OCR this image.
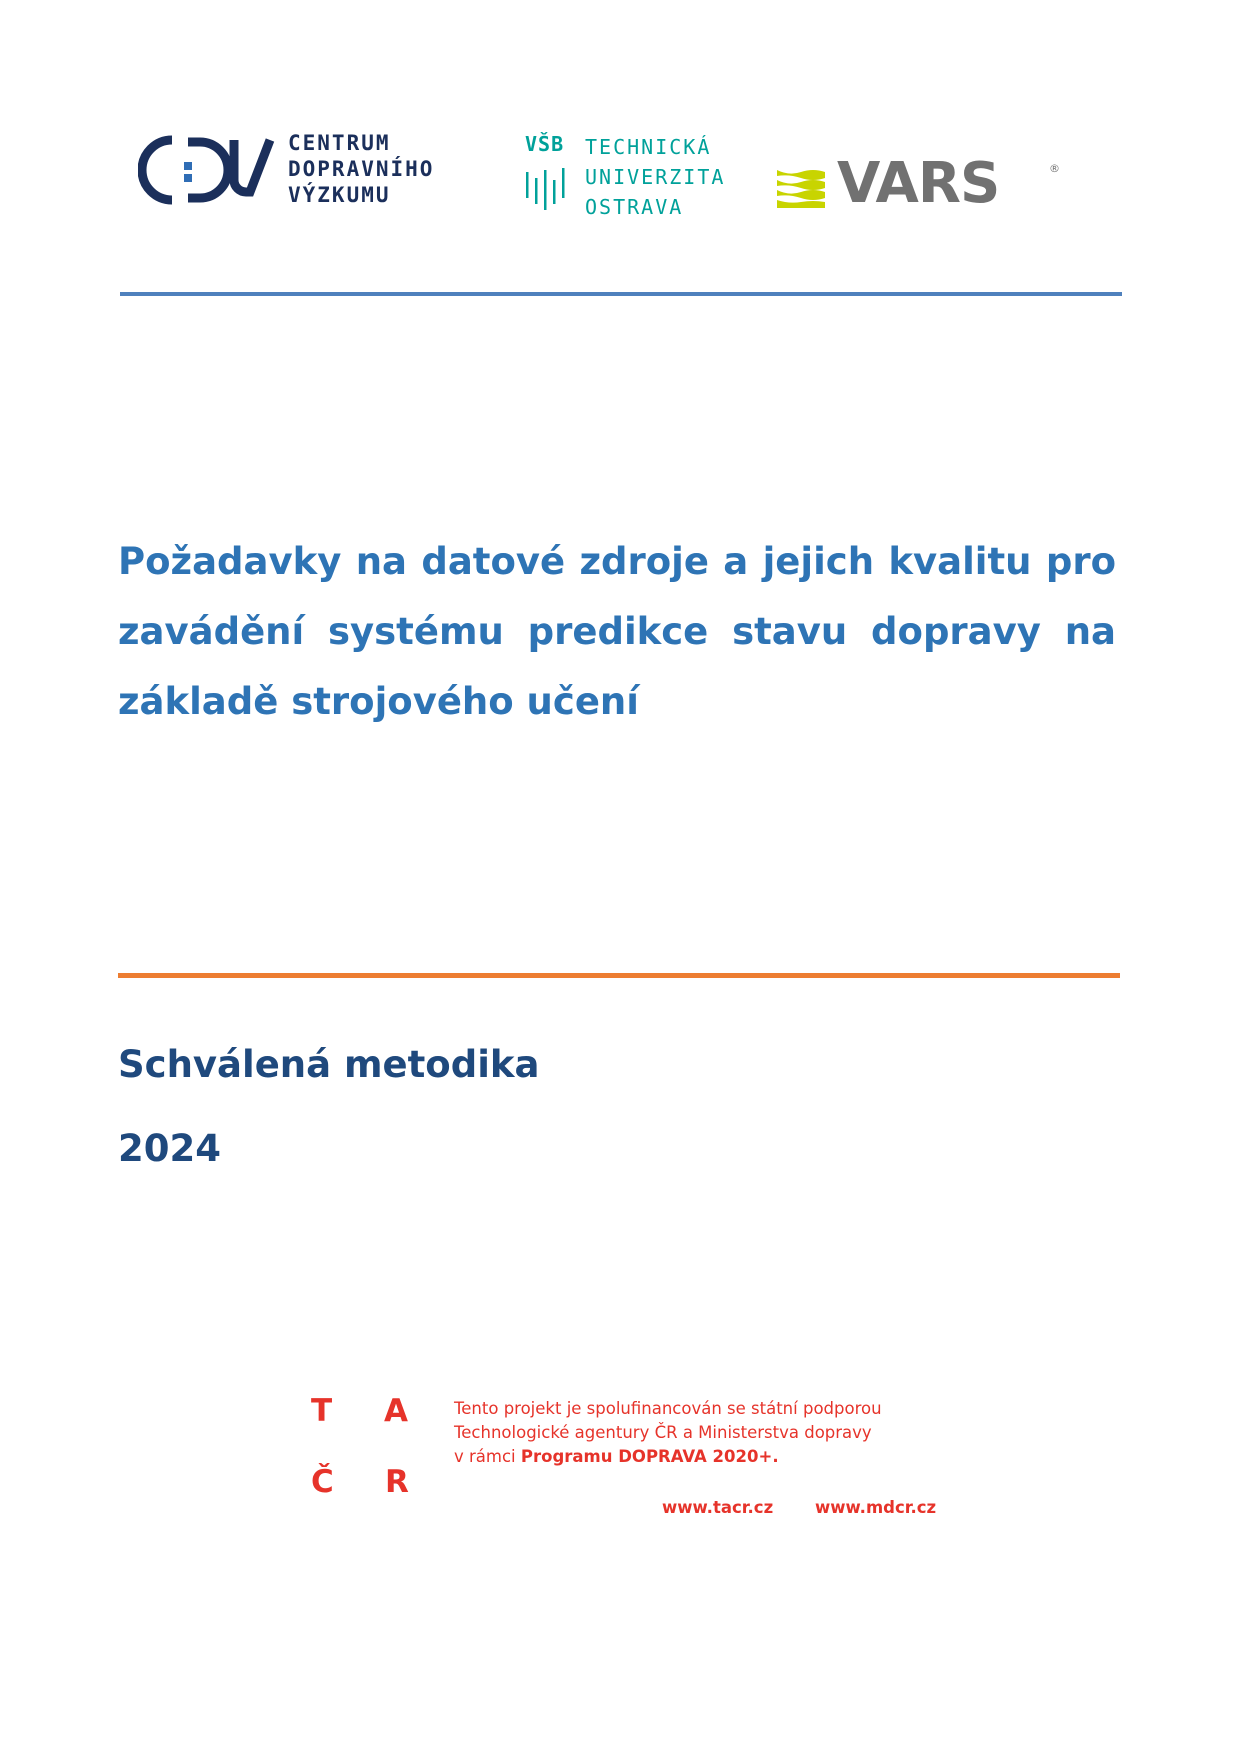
CENTRUM
DOPRAVNÍHO
VÝZKUMU
VŠB TECHNICKÁ
UNIVERZITA
OSTRAVA	VARS	®
Požadavky na datové zdroje a jejich kvalitu pro zavádění systému predikce stavu dopravy na základě strojového učení
Schválená metodika
2024
T A
Č R
Tento projekt je spolufinancován se státní podporou
Technologické agentury ČR a Ministerstva dopravy
v rámci Programu DOPRAVA 2020+.
www.tacr.cz	www.mdcr.cz
